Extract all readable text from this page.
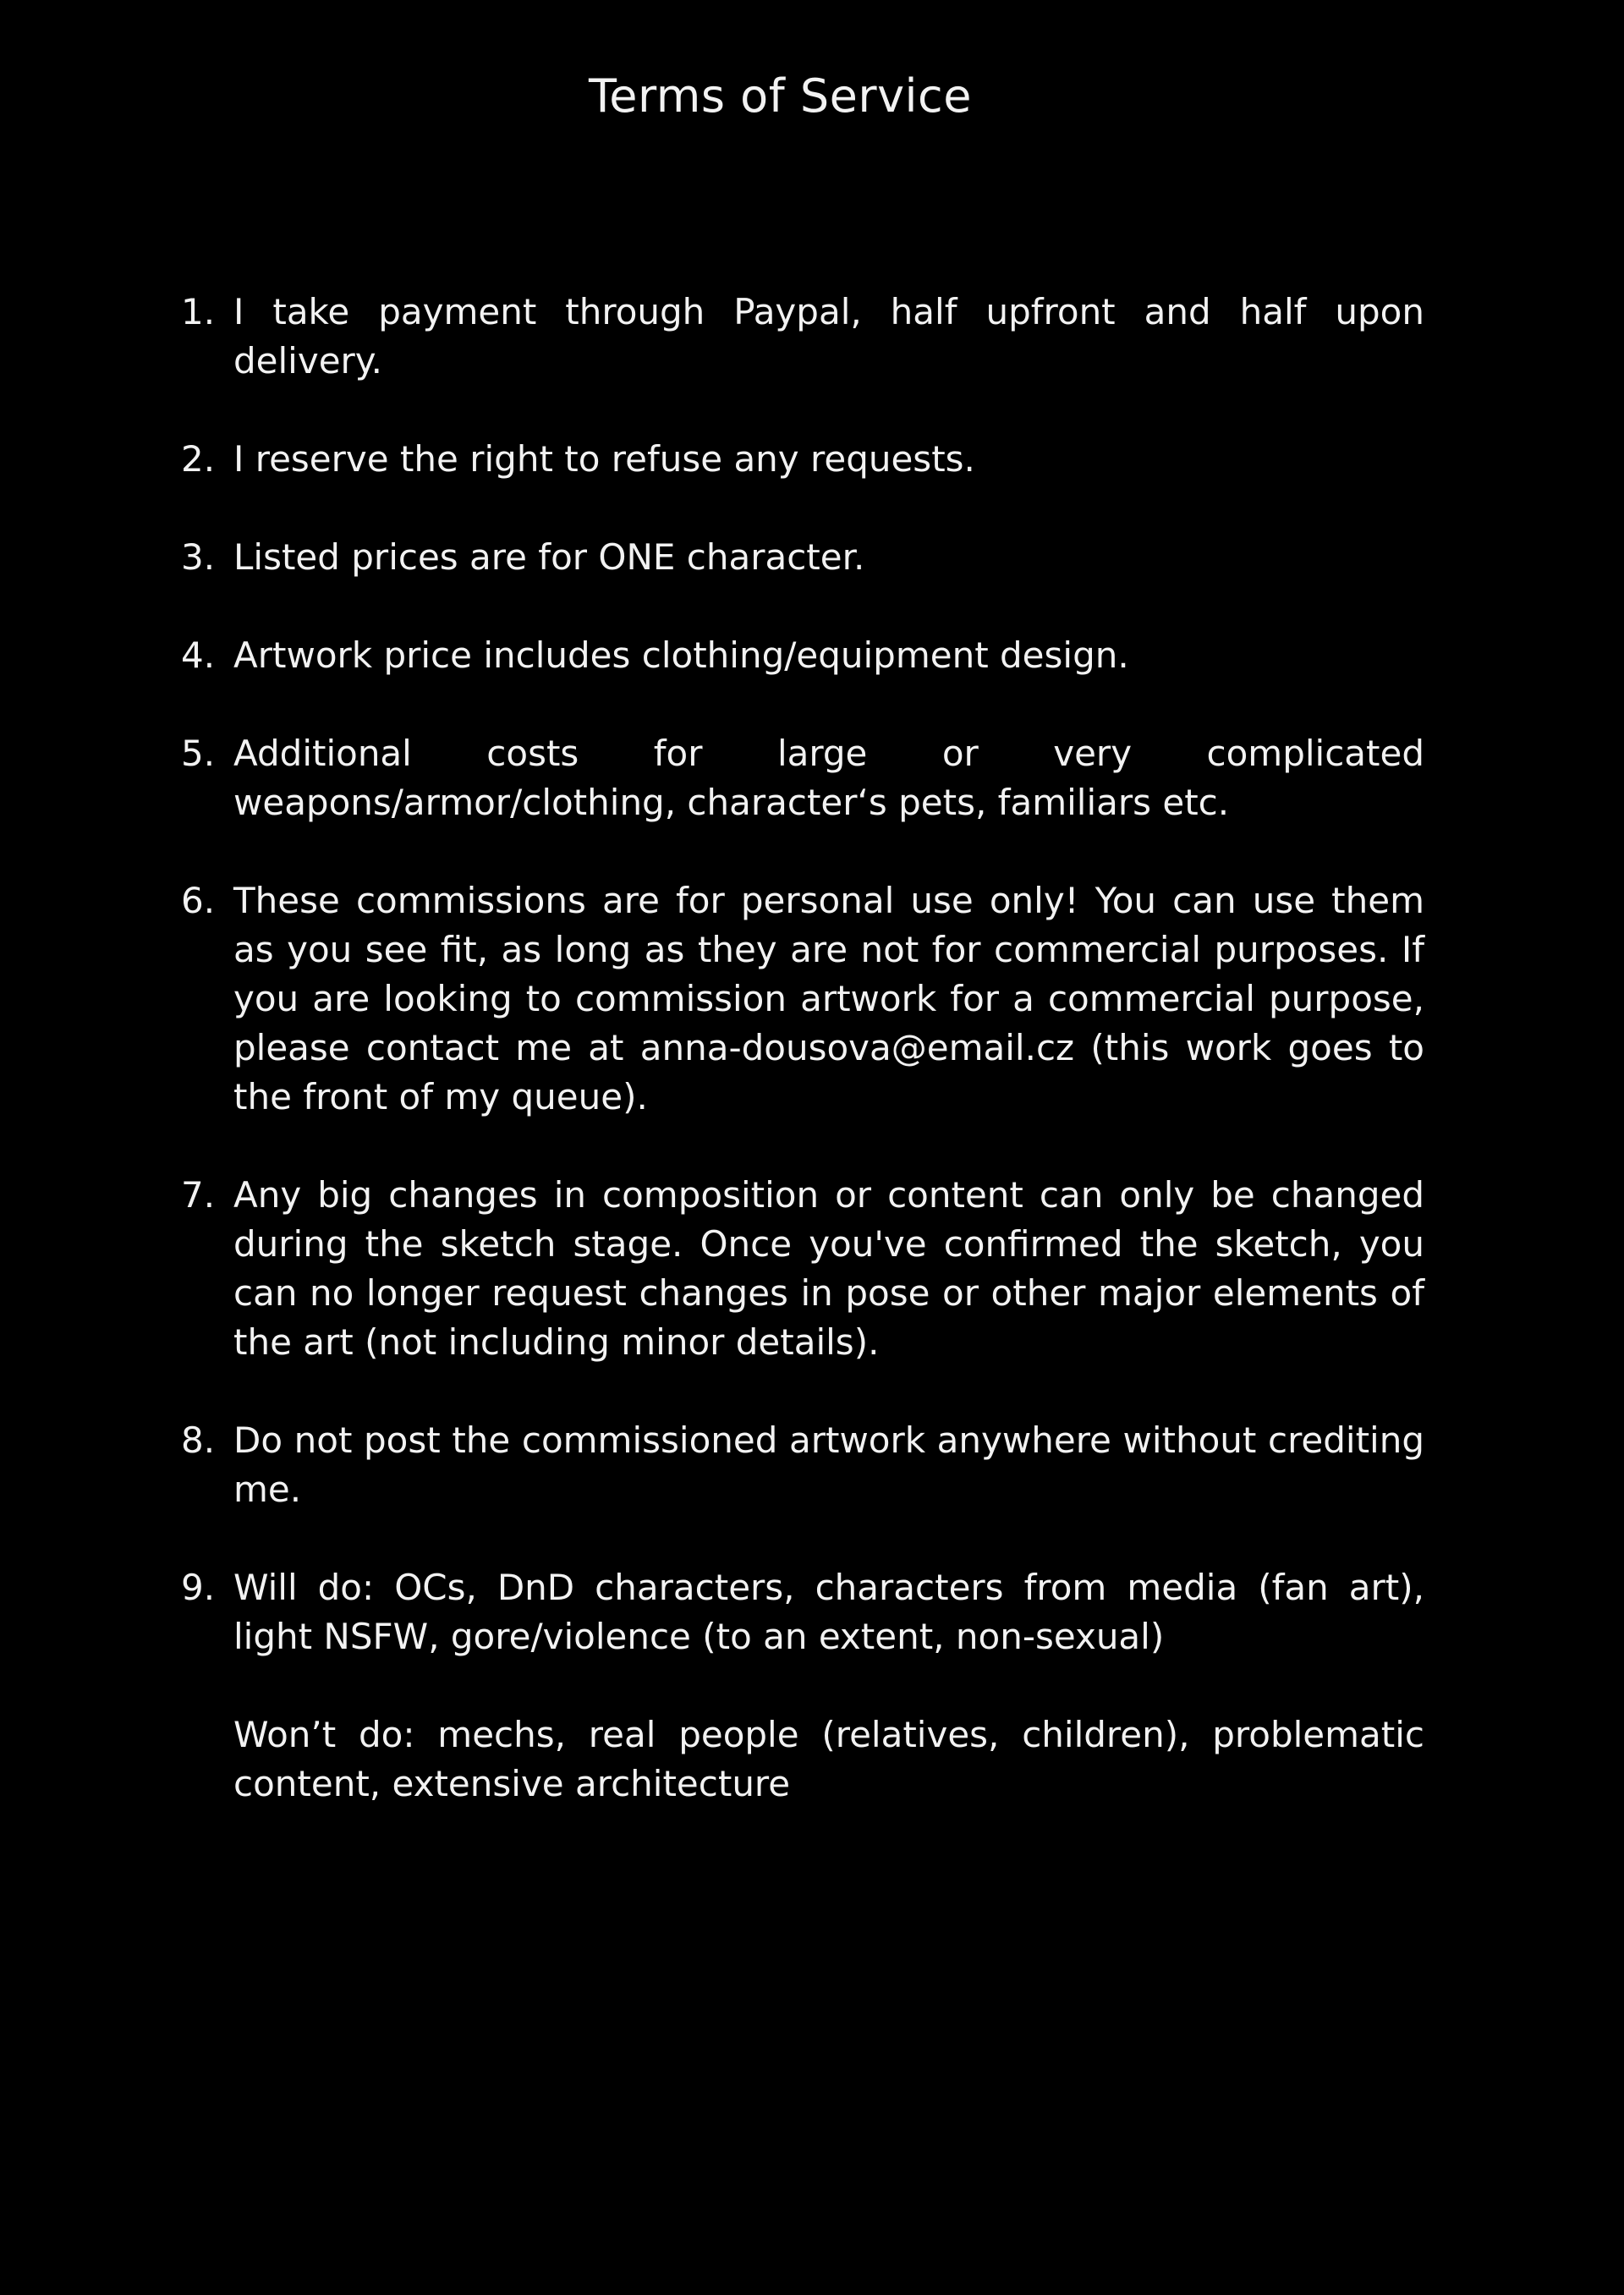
Terms of Service
1. I take payment through Paypal, half upfront and half upon delivery.
2. I reserve the right to refuse any requests.
3. Listed prices are for ONE character.
4. Artwork price includes clothing/equipment design.
5. Additional costs for large or very complicated weapons/armor/clothing, character‘s pets, familiars etc.
6. These commissions are for personal use only! You can use them as you see fit, as long as they are not for commercial purposes. If you are looking to commission artwork for a commercial purpose, please contact me at anna-dousova@email.cz (this work goes to the front of my queue).
7. Any big changes in composition or content can only be changed during the sketch stage. Once you've confirmed the sketch, you can no longer request changes in pose or other major elements of the art (not including minor details).
8. Do not post the commissioned artwork anywhere without crediting me.
9. Will do: OCs, DnD characters, characters from media (fan art), light NSFW, gore/violence (to an extent, non-sexual)
Won’t do: mechs, real people (relatives, children), problematic content, extensive architecture
